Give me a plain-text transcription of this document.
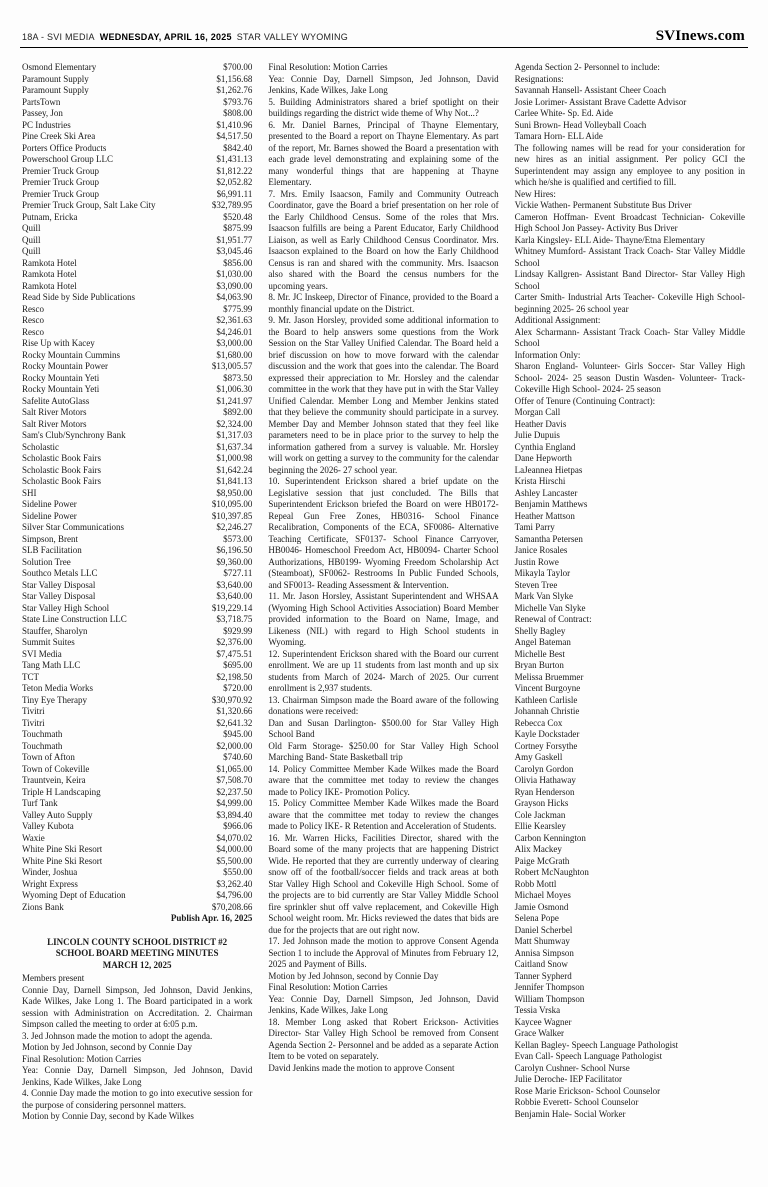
18A - SVI MEDIA WEDNESDAY, APRIL 16, 2025 STAR VALLEY WYOMING	SVInews.com
Osmond Elementary	$700.00
Paramount Supply	$1,156.68
Paramount Supply	$1,262.76
PartsTown	$793.76
Passey, Jon	$808.00
PC Industries	$1,410.96
Pine Creek Ski Area	$4,517.50
Porters Office Products	$842.40
Powerschool Group LLC	$1,431.13
Premier Truck Group	$1,812.22
Premier Truck Group	$2,052.82
Premier Truck Group	$6,991.11
Premier Truck Group, Salt Lake City	$32,789.95
Putnam, Ericka	$520.48
Quill	$875.99
Quill	$1,951.77
Quill	$3,045.46
Ramkota Hotel	$856.00
Ramkota Hotel	$1,030.00
Ramkota Hotel	$3,090.00
Read Side by Side Publications	$4,063.90
Resco	$775.99
Resco	$2,361.63
Resco	$4,246.01
Rise Up with Kacey	$3,000.00
Rocky Mountain Cummins	$1,680.00
Rocky Mountain Power	$13,005.57
Rocky Mountain Yeti	$873.50
Rocky Mountain Yeti	$1,006.30
Safelite AutoGlass	$1,241.97
Salt River Motors	$892.00
Salt River Motors	$2,324.00
Sam's Club/Synchrony Bank	$1,317.03
Scholastic	$1,637.34
Scholastic Book Fairs	$1,000.98
Scholastic Book Fairs	$1,642.24
Scholastic Book Fairs	$1,841.13
SHI	$8,950.00
Sideline Power	$10,095.00
Sideline Power	$10,397.85
Silver Star Communications	$2,246.27
Simpson, Brent	$573.00
SLB Facilitation	$6,196.50
Solution Tree	$9,360.00
Southco Metals LLC	$727.11
Star Valley Disposal	$3,640.00
Star Valley Disposal	$3,640.00
Star Valley High School	$19,229.14
State Line Construction LLC	$3,718.75
Stauffer, Sharolyn	$929.99
Summit Suites	$2,376.00
SVI Media	$7,475.51
Tang Math LLC	$695.00
TCT	$2,198.50
Teton Media Works	$720.00
Tiny Eye Therapy	$30,970.92
Tivitri	$1,320.66
Tivitri	$2,641.32
Touchmath	$945.00
Touchmath	$2,000.00
Town of Afton	$740.60
Town of Cokeville	$1,065.00
Trauntvein, Keira	$7,508.70
Triple H Landscaping	$2,237.50
Turf Tank	$4,999.00
Valley Auto Supply	$3,894.40
Valley Kubota	$966.06
Waxie	$4,070.02
White Pine Ski Resort	$4,000.00
White Pine Ski Resort	$5,500.00
Winder, Joshua	$550.00
Wright Express	$3,262.40
Wyoming Dept of Education	$4,796.00
Zions Bank	$70,208.66
Publish Apr. 16, 2025
LINCOLN COUNTY SCHOOL DISTRICT #2
SCHOOL BOARD MEETING MINUTES
MARCH 12, 2025

Members present

Connie Day, Darnell Simpson, Jed Johnson, David Jenkins, Kade Wilkes, Jake Long 1. The Board participated in a work session with Administration on Accreditation. 2. Chairman Simpson called the meeting to order at 6:05 p.m.

3. Jed Johnson made the motion to adopt the agenda.

Motion by Jed Johnson, second by Connie Day

Final Resolution: Motion Carries

Yea: Connie Day, Darnell Simpson, Jed Johnson, David Jenkins, Kade Wilkes, Jake Long

4. Connie Day made the motion to go into executive session for the purpose of considering personnel matters.

Motion by Connie Day, second by Kade Wilkes

Final Resolution: Motion Carries

Yea: Connie Day, Darnell Simpson, Jed Johnson, David Jenkins, Kade Wilkes, Jake Long

5. Building Administrators shared a brief spotlight on their buildings regarding the district wide theme of Why Not...?

6. Mr. Daniel Barnes, Principal of Thayne Elementary, presented to the Board a report on Thayne Elementary. As part of the report, Mr. Barnes showed the Board a presentation with each grade level demonstrating and explaining some of the many wonderful things that are happening at Thayne Elementary.

7. Mrs. Emily Isaacson, Family and Community Outreach Coordinator, gave the Board a brief presentation on her role of the Early Childhood Census. Some of the roles that Mrs. Isaacson fulfills are being a Parent Educator, Early Childhood Liaison, as well as Early Childhood Census Coordinator. Mrs. Isaacson explained to the Board on how the Early Childhood Census is ran and shared with the community. Mrs. Isaacson also shared with the Board the census numbers for the upcoming years.

8. Mr. JC Inskeep, Director of Finance, provided to the Board a monthly financial update on the District.

9. Mr. Jason Horsley, provided some additional information to the Board to help answers some questions from the Work Session on the Star Valley Unified Calendar. The Board held a brief discussion on how to move forward with the calendar discussion and the work that goes into the calendar. The Board expressed their appreciation to Mr. Horsley and the calendar committee in the work that they have put in with the Star Valley Unified Calendar. Member Long and Member Jenkins stated that they believe the community should participate in a survey. Member Day and Member Johnson stated that they feel like parameters need to be in place prior to the survey to help the information gathered from a survey is valuable. Mr. Horsley will work on getting a survey to the community for the calendar beginning the 2026- 27 school year.

10. Superintendent Erickson shared a brief update on the Legislative session that just concluded. The Bills that Superintendent Erickson briefed the Board on were HB0172- Repeal Gun Free Zones, HB0316- School Finance Recalibration, Components of the ECA, SF0086- Alternative Teaching Certificate, SF0137- School Finance Carryover, HB0046- Homeschool Freedom Act, HB0094- Charter School Authorizations, HB0199- Wyoming Freedom Scholarship Act (Steamboat), SF0062- Restrooms In Public Funded Schools, and SF0013- Reading Assessment & Intervention.

11. Mr. Jason Horsley, Assistant Superintendent and WHSAA (Wyoming High School Activities Association) Board Member provided information to the Board on Name, Image, and Likeness (NIL) with regard to High School students in Wyoming.

12. Superintendent Erickson shared with the Board our current enrollment. We are up 11 students from last month and up six students from March of 2024- March of 2025. Our current enrollment is 2,937 students.

13. Chairman Simpson made the Board aware of the following donations were received:

Dan and Susan Darlington- $500.00 for Star Valley High School Band

Old Farm Storage- $250.00 for Star Valley High School Marching Band- State Basketball trip

14. Policy Committee Member Kade Wilkes made the Board aware that the committee met today to review the changes made to Policy IKE- Promotion Policy.

15. Policy Committee Member Kade Wilkes made the Board aware that the committee met today to review the changes made to Policy IKE- R Retention and Acceleration of Students.

16. Mr. Warren Hicks, Facilities Director, shared with the Board some of the many projects that are happening District Wide. He reported that they are currently underway of clearing snow off of the football/soccer fields and track areas at both Star Valley High School and Cokeville High School. Some of the projects are to bid currently are Star Valley Middle School fire sprinkler shut off valve replacement, and Cokeville High School weight room. Mr. Hicks reviewed the dates that bids are due for the projects that are out right now.

17. Jed Johnson made the motion to approve Consent Agenda Section 1 to include the Approval of Minutes from February 12, 2025 and Payment of Bills.

Motion by Jed Johnson, second by Connie Day

Final Resolution: Motion Carries

Yea: Connie Day, Darnell Simpson, Jed Johnson, David Jenkins, Kade Wilkes, Jake Long

18. Member Long asked that Robert Erickson- Activities Director- Star Valley High School be removed from Consent Agenda Section 2- Personnel and be added as a separate Action Item to be voted on separately.

David Jenkins made the motion to approve Consent

Agenda Section 2- Personnel to include:

Resignations:

Savannah Hansell- Assistant Cheer Coach

Josie Lorimer- Assistant Brave Cadette Advisor

Carlee White- Sp. Ed. Aide

Suni Brown- Head Volleyball Coach

Tamara Horn- ELL Aide

The following names will be read for your consideration for new hires as an initial assignment. Per policy GCI the Superintendent may assign any employee to any position in which he/she is qualified and certified to fill.

New Hires:

Vickie Wathen- Permanent Substitute Bus Driver

Cameron Hoffman- Event Broadcast Technician- Cokeville High School Jon Passey- Activity Bus Driver

Karla Kingsley- ELL Aide- Thayne/Etna Elementary

Whitney Mumford- Assistant Track Coach- Star Valley Middle School

Lindsay Kallgren- Assistant Band Director- Star Valley High School

Carter Smith- Industrial Arts Teacher- Cokeville High School- beginning 2025- 26 school year

Additional Assignment:

Alex Scharmann- Assistant Track Coach- Star Valley Middle School

Information Only:

Sharon England- Volunteer- Girls Soccer- Star Valley High School- 2024- 25 season Dustin Wasden- Volunteer- Track- Cokeville High School- 2024- 25 season

Offer of Tenure (Continuing Contract):

Morgan Call

Heather Davis

Julie Dupuis

Cynthia England

Dane Hepworth

LaJeannea Hietpas

Krista Hirschi

Ashley Lancaster

Benjamin Matthews

Heather Mattson

Tami Parry

Samantha Petersen

Janice Rosales

Justin Rowe

Mikayla Taylor

Steven Tree

Mark Van Slyke

Michelle Van Slyke

Renewal of Contract:

Shelly Bagley

Angel Bateman

Michelle Best

Bryan Burton

Melissa Bruemmer

Vincent Burgoyne

Kathleen Carlisle

Johannah Christie

Rebecca Cox

Kayle Dockstader

Cortney Forsythe

Amy Gaskell

Carolyn Gordon

Olivia Hathaway

Ryan Henderson

Grayson Hicks

Cole Jackman

Ellie Kearsley

Carbon Kennington

Alix Mackey

Paige McGrath

Robert McNaughton

Robb Mottl

Michael Moyes

Jamie Osmond

Selena Pope

Daniel Scherbel

Matt Shumway

Annisa Simpson

Caitland Snow

Tanner Sypherd

Jennifer Thompson

William Thompson

Tessia Vrska

Kaycee Wagner

Grace Walker

Kellan Bagley- Speech Language Pathologist

Evan Call- Speech Language Pathologist

Carolyn Cushner- School Nurse

Julie Deroche- IEP Facilitator

Rose Marie Erickson- School Counselor

Robbie Everett- School Counselor

Benjamin Hale- Social Worker
